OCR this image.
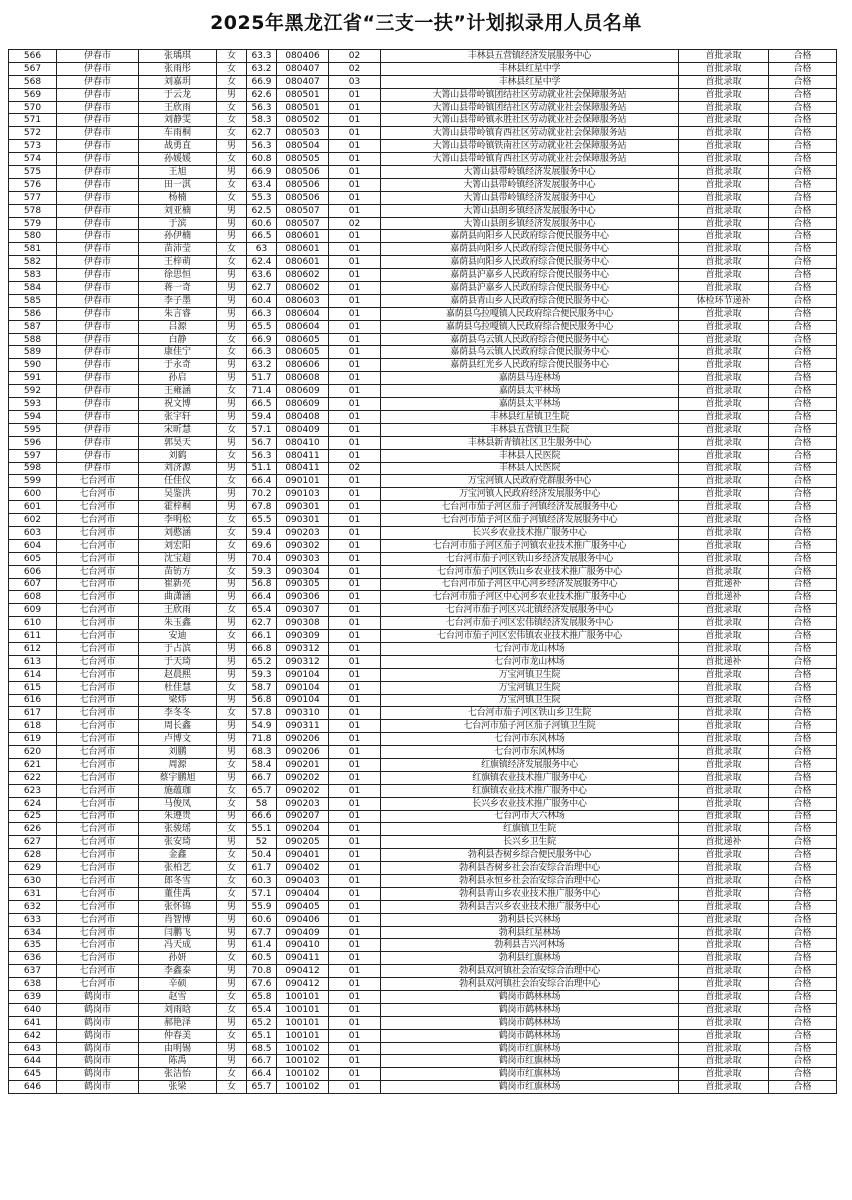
2025年黑龙江省“三支一扶”计划拟录用人员名单
566	伊春市	张瑀琪	女	63.3	080406	02	丰林县五营镇经济发展服务中心	首批录取	合格
567	伊春市	张雨彤	女	63.2	080407	02	丰林县红星中学	首批录取	合格
568	伊春市	刘嘉玥	女	66.9	080407	03	丰林县红星中学	首批录取	合格
569	伊春市	于云龙	男	62.6	080501	01	大箐山县带岭镇团结社区劳动就业社会保障服务站	首批录取	合格
570	伊春市	王欣雨	女	56.3	080501	01	大箐山县带岭镇团结社区劳动就业社会保障服务站	首批录取	合格
571	伊春市	刘静雯	女	58.3	080502	01	大箐山县带岭镇永胜社区劳动就业社会保障服务站	首批录取	合格
572	伊春市	车雨桐	女	62.7	080503	01	大箐山县带岭镇育西社区劳动就业社会保障服务站	首批录取	合格
573	伊春市	战勇直	男	56.3	080504	01	大箐山县带岭镇铁南社区劳动就业社会保障服务站	首批录取	合格
574	伊春市	孙媛媛	女	60.8	080505	01	大箐山县带岭镇育西社区劳动就业社会保障服务站	首批录取	合格
575	伊春市	王旭	男	66.9	080506	01	大箐山县带岭镇经济发展服务中心	首批录取	合格
576	伊春市	田一淇	女	63.4	080506	01	大箐山县带岭镇经济发展服务中心	首批录取	合格
577	伊春市	杨楠	女	55.3	080506	01	大箐山县带岭镇经济发展服务中心	首批录取	合格
578	伊春市	刘亚楠	男	62.5	080507	01	大箐山县朗乡镇经济发展服务中心	首批录取	合格
579	伊春市	于滨	男	60.6	080507	02	大箐山县朗乡镇经济发展服务中心	首批录取	合格
580	伊春市	孙伊楠	男	66.5	080601	01	嘉荫县向阳乡人民政府综合便民服务中心	首批录取	合格
581	伊春市	苗沛莹	女	63	080601	01	嘉荫县向阳乡人民政府综合便民服务中心	首批录取	合格
582	伊春市	王梓萌	女	62.4	080601	01	嘉荫县向阳乡人民政府综合便民服务中心	首批录取	合格
583	伊春市	徐思恒	男	63.6	080602	01	嘉荫县沪嘉乡人民政府综合便民服务中心	首批录取	合格
584	伊春市	蒋一奇	男	62.7	080602	01	嘉荫县沪嘉乡人民政府综合便民服务中心	首批录取	合格
585	伊春市	李子墨	男	60.4	080603	01	嘉荫县青山乡人民政府综合便民服务中心	体检环节递补	合格
586	伊春市	朱言睿	男	66.3	080604	01	嘉荫县乌拉嘎镇人民政府综合便民服务中心	首批录取	合格
587	伊春市	吕源	男	65.5	080604	01	嘉荫县乌拉嘎镇人民政府综合便民服务中心	首批录取	合格
588	伊春市	白静	女	66.9	080605	01	嘉荫县乌云镇人民政府综合便民服务中心	首批录取	合格
589	伊春市	康佳宁	女	66.3	080605	01	嘉荫县乌云镇人民政府综合便民服务中心	首批录取	合格
590	伊春市	于永奇	男	63.2	080606	01	嘉荫县红光乡人民政府综合便民服务中心	首批录取	合格
591	伊春市	孙启	男	51.7	080608	01	嘉荫县马连林场	首批录取	合格
592	伊春市	王雍涵	女	71.4	080609	01	嘉荫县太平林场	首批录取	合格
593	伊春市	祝文博	男	66.5	080609	01	嘉荫县太平林场	首批录取	合格
594	伊春市	张宇轩	男	59.4	080408	01	丰林县红星镇卫生院	首批录取	合格
595	伊春市	宋昕慧	女	57.1	080409	01	丰林县五营镇卫生院	首批录取	合格
596	伊春市	郭昊天	男	56.7	080410	01	丰林县新青镇社区卫生服务中心	首批录取	合格
597	伊春市	刘鹤	女	56.3	080411	01	丰林县人民医院	首批录取	合格
598	伊春市	刘济源	男	51.1	080411	02	丰林县人民医院	首批录取	合格
599	七台河市	任佳仪	女	66.4	090101	01	万宝河镇人民政府党群服务中心	首批录取	合格
600	七台河市	吴鉴洪	男	70.2	090103	01	万宝河镇人民政府经济发展服务中心	首批录取	合格
601	七台河市	霍梓桐	男	67.8	090301	01	七台河市茄子河区茄子河镇经济发展服务中心	首批录取	合格
602	七台河市	李明松	女	65.5	090301	01	七台河市茄子河区茄子河镇经济发展服务中心	首批录取	合格
603	七台河市	刘憨涵	女	59.4	090203	01	长兴乡农业技术推广服务中心	首批录取	合格
604	七台河市	刘宏阳	女	69.6	090302	01	七台河市茄子河区茄子河镇农业技术推广服务中心	首批录取	合格
605	七台河市	沈宝超	男	70.4	090303	01	七台河市茄子河区铁山乡经济发展服务中心	首批录取	合格
606	七台河市	苗钫方	女	59.3	090304	01	七台河市茄子河区铁山乡农业技术推广服务中心	首批录取	合格
607	七台河市	崔新亮	男	56.8	090305	01	七台河市茄子河区中心河乡经济发展服务中心	首批递补	合格
608	七台河市	曲潇涵	男	66.4	090306	01	七台河市茄子河区中心河乡农业技术推广服务中心	首批递补	合格
609	七台河市	王欣雨	女	65.4	090307	01	七台河市茄子河区兴北镇经济发展服务中心	首批录取	合格
610	七台河市	朱玉鑫	男	62.7	090308	01	七台河市茄子河区宏伟镇经济发展服务中心	首批录取	合格
611	七台河市	安迪	女	66.1	090309	01	七台河市茄子河区宏伟镇农业技术推广服务中心	首批录取	合格
612	七台河市	于占滨	男	66.8	090312	01	七台河市龙山林场	首批录取	合格
613	七台河市	于天琦	男	65.2	090312	01	七台河市龙山林场	首批递补	合格
614	七台河市	赵晨熙	男	59.3	090104	01	万宝河镇卫生院	首批录取	合格
615	七台河市	杜佳慧	女	58.7	090104	01	万宝河镇卫生院	首批录取	合格
616	七台河市	梁炜	男	56.8	090104	01	万宝河镇卫生院	首批录取	合格
617	七台河市	李冬冬	女	57.8	090310	01	七台河市茄子河区铁山乡卫生院	首批录取	合格
618	七台河市	周长鑫	男	54.9	090311	01	七台河市茄子河区茄子河镇卫生院	首批录取	合格
619	七台河市	卢博文	男	71.8	090206	01	七台河市东风林场	首批录取	合格
620	七台河市	刘鹏	男	68.3	090206	01	七台河市东风林场	首批录取	合格
621	七台河市	周源	女	58.4	090201	01	红旗镇经济发展服务中心	首批录取	合格
622	七台河市	蔡宇鹏旭	男	66.7	090202	01	红旗镇农业技术推广服务中心	首批录取	合格
623	七台河市	施蕴珈	女	65.7	090202	01	红旗镇农业技术推广服务中心	首批录取	合格
624	七台河市	马俊凤	女	58	090203	01	长兴乡农业技术推广服务中心	首批录取	合格
625	七台河市	朱遵贵	男	66.6	090207	01	七台河市大六林场	首批录取	合格
626	七台河市	张骏瑶	女	55.1	090204	01	红旗镇卫生院	首批录取	合格
627	七台河市	张安琦	男	52	090205	01	长兴乡卫生院	首批递补	合格
628	七台河市	金鑫	女	50.4	090401	01	勃利县杏树乡综合便民服务中心	首批录取	合格
629	七台河市	张柏艺	女	61.7	090402	01	勃利县杏树乡社会治安综合治理中心	首批录取	合格
630	七台河市	郎冬雪	女	60.3	090403	01	勃利县永恒乡社会治安综合治理中心	首批录取	合格
631	七台河市	董佳禹	女	57.1	090404	01	勃利县青山乡农业技术推广服务中心	首批录取	合格
632	七台河市	张怀锦	男	55.9	090405	01	勃利县吉兴乡农业技术推广服务中心	首批录取	合格
633	七台河市	肖智博	男	60.6	090406	01	勃利县长兴林场	首批录取	合格
634	七台河市	闫鹏飞	男	67.7	090409	01	勃利县红星林场	首批录取	合格
635	七台河市	冯天成	男	61.4	090410	01	勃利县吉兴河林场	首批录取	合格
636	七台河市	孙妍	女	60.5	090411	01	勃利县红旗林场	首批录取	合格
637	七台河市	李鑫泰	男	70.8	090412	01	勃利县双河镇社会治安综合治理中心	首批录取	合格
638	七台河市	辛硕	男	67.6	090412	01	勃利县双河镇社会治安综合治理中心	首批录取	合格
639	鹤岗市	赵雪	女	65.8	100101	01	鹤岗市鹤林林场	首批录取	合格
640	鹤岗市	刘雨晗	女	65.4	100101	01	鹤岗市鹤林林场	首批录取	合格
641	鹤岗市	郝艳泽	男	65.2	100101	01	鹤岗市鹤林林场	首批录取	合格
642	鹤岗市	仲春美	女	65.1	100101	01	鹤岗市鹤林林场	首批录取	合格
643	鹤岗市	由明锡	男	68.5	100102	01	鹤岗市红旗林场	首批录取	合格
644	鹤岗市	陈禹	男	66.7	100102	01	鹤岗市红旗林场	首批录取	合格
645	鹤岗市	张洁怡	女	66.4	100102	01	鹤岗市红旗林场	首批录取	合格
646	鹤岗市	张梁	女	65.7	100102	01	鹤岗市红旗林场	首批录取	合格
